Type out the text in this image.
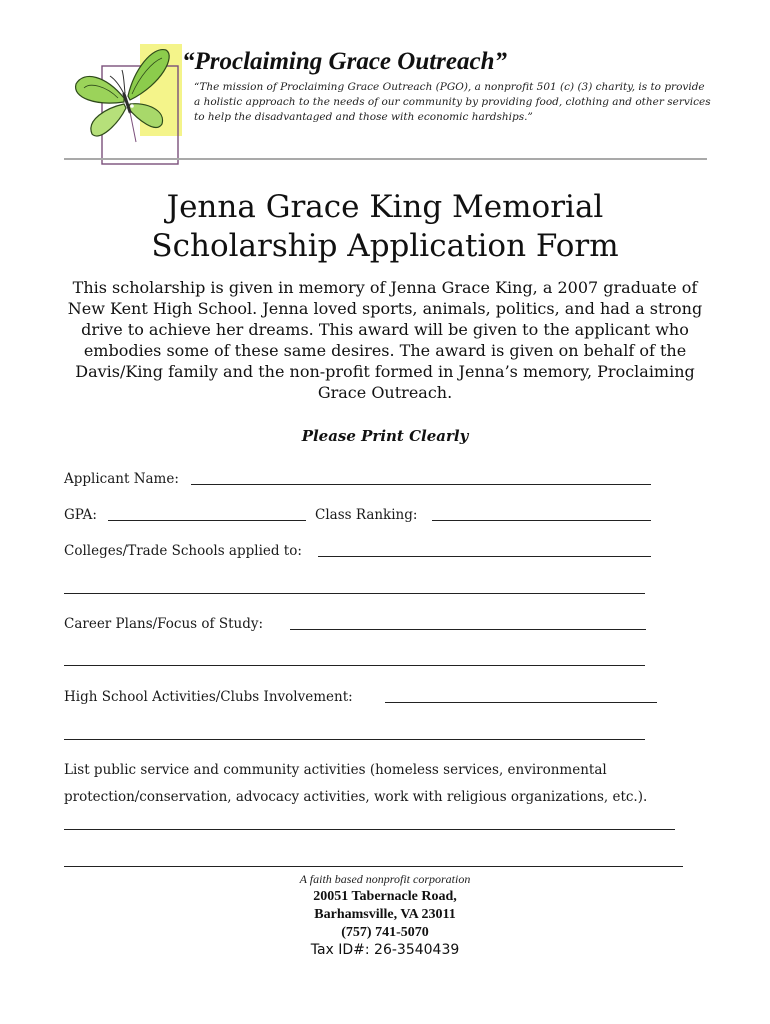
“Proclaiming Grace Outreach”
“The mission of Proclaiming Grace Outreach (PGO), a nonprofit 501 (c) (3) charity, is to provide a holistic approach to the needs of our community by providing food, clothing and other services to help the disadvantaged and those with economic hardships.”
Jenna Grace King Memorial
Scholarship Application Form
This scholarship is given in memory of Jenna Grace King, a 2007 graduate of New Kent High School. Jenna loved sports, animals, politics, and had a strong drive to achieve her dreams. This award will be given to the applicant who embodies some of these same desires. The award is given on behalf of the Davis/King family and the non-profit formed in Jenna’s memory, Proclaiming Grace Outreach.
Please Print Clearly
Applicant Name:
GPA:	Class Ranking:
Colleges/Trade Schools applied to:
Career Plans/Focus of Study:
High School Activities/Clubs Involvement:
List public service and community activities (homeless services, environmental
protection/conservation, advocacy activities, work with religious organizations, etc.).
A faith based nonprofit corporation
20051 Tabernacle Road,
Barhamsville, VA 23011
(757) 741-5070
Tax ID#: 26-3540439
